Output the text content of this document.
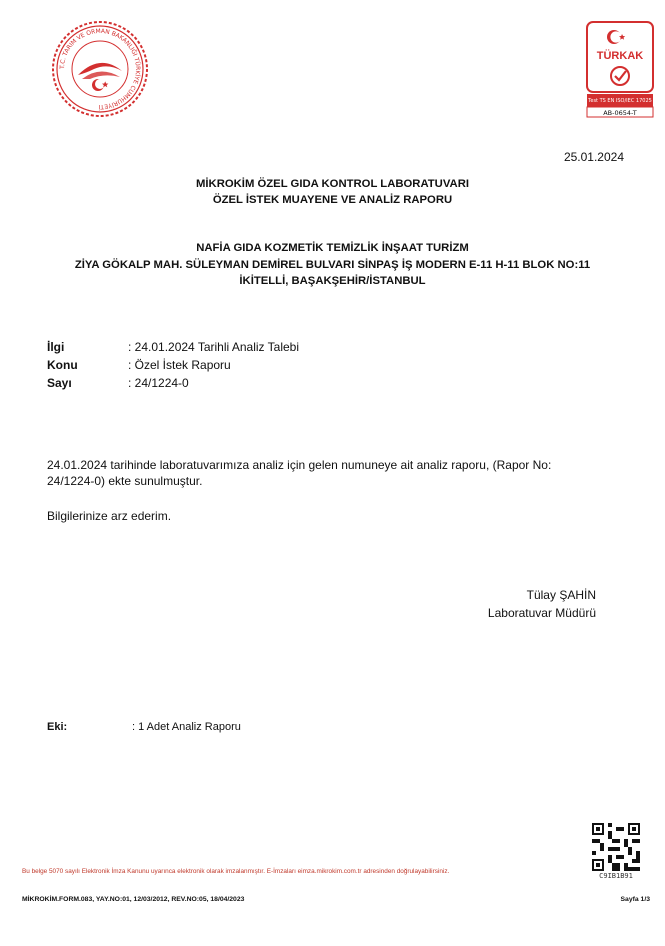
T.C. TARIM VE ORMAN BAKANLIĞI TÜRKİYE CUMHURİYETİ
TÜRKAK
Test TS EN ISO/IEC 17025
AB-0654-T
25.01.2024
MİKROKİM ÖZEL GIDA KONTROL LABORATUVARI
ÖZEL İSTEK MUAYENE VE ANALİZ RAPORU
NAFİA GIDA KOZMETİK TEMİZLİK İNŞAAT TURİZM
ZİYA GÖKALP MAH. SÜLEYMAN DEMİREL BULVARI SİNPAŞ İŞ MODERN E-11 H-11 BLOK NO:11
İKİTELLİ, BAŞAKŞEHİR/İSTANBUL
İlgi	: 24.01.2024 Tarihli Analiz Talebi
Konu	: Özel İstek Raporu
Sayı	: 24/1224-0
24.01.2024 tarihinde laboratuvarımıza analiz için gelen numuneye ait analiz raporu, (Rapor No: 24/1224-0) ekte sunulmuştur.
Bilgilerinize arz ederim.
Tülay ŞAHİN
Laboratuvar Müdürü
Eki:	: 1 Adet Analiz Raporu
C9IB1B91
Bu belge 5070 sayılı Elektronik İmza Kanunu uyarınca elektronik olarak imzalanmıştır. E-İmzaları eimza.mikrokim.com.tr adresinden doğrulayabilirsiniz.
MİKROKİM.FORM.083, YAY.NO:01, 12/03/2012, REV.NO:05, 18/04/2023	Sayfa 1/3
